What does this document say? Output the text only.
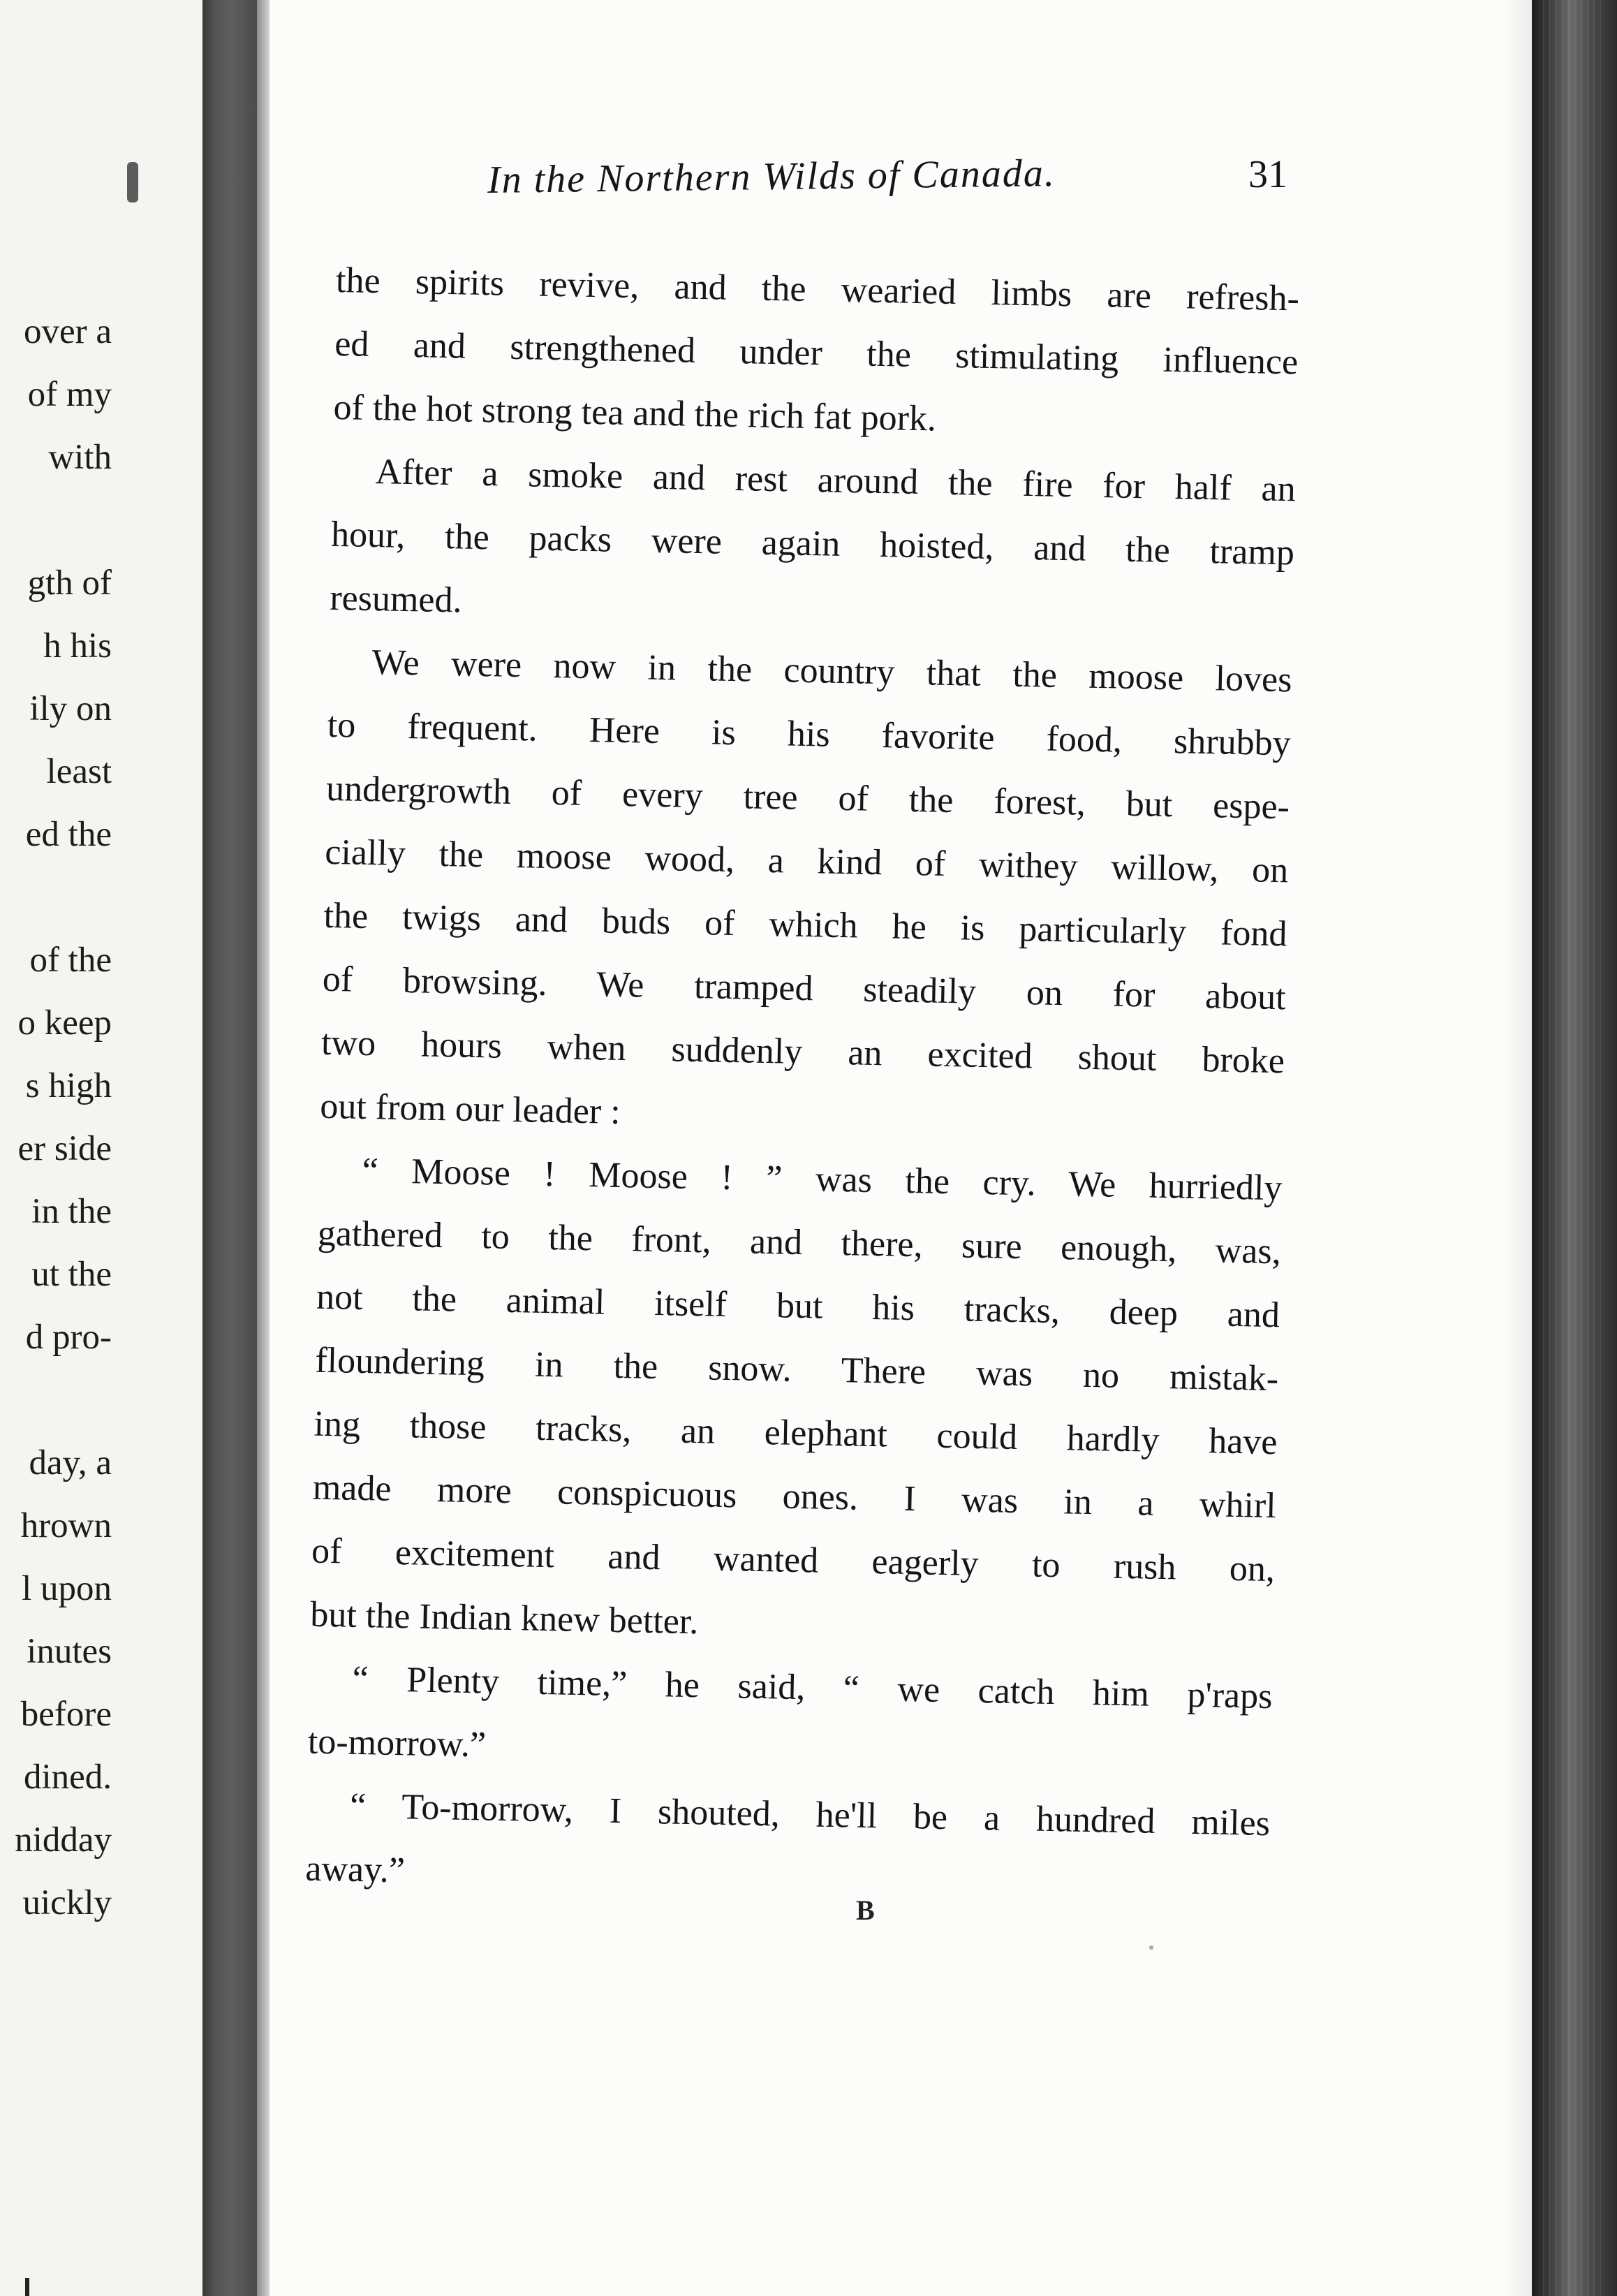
over a
of my
with
gth of
h his
ily on
least
ed the
of the
o keep
s high
er side
in the
ut the
d pro-
day, a
hrown
l upon
inutes
before
dined.
nidday
uickly
In the Northern Wilds of Canada.	31
the spirits revive, and the wearied limbs are refresh-
ed and strengthened under the stimulating influence
of the hot strong tea and the rich fat pork.
After a smoke and rest around the fire for half an
hour, the packs were again hoisted, and the tramp
resumed.
We were now in the country that the moose loves
to frequent. Here is his favorite food, shrubby
undergrowth of every tree of the forest, but espe-
cially the moose wood, a kind of withey willow, on
the twigs and buds of which he is particularly fond
of browsing. We tramped steadily on for about
two hours when suddenly an excited shout broke
out from our leader :
“ Moose ! Moose ! ” was the cry. We hurriedly
gathered to the front, and there, sure enough, was,
not the animal itself but his tracks, deep and
floundering in the snow. There was no mistak-
ing those tracks, an elephant could hardly have
made more conspicuous ones. I was in a whirl
of excitement and wanted eagerly to rush on,
but the Indian knew better.
“ Plenty time,” he said, “ we catch him p'raps
to-morrow.”
“ To-morrow, I shouted, he'll be a hundred miles
away.”
B
